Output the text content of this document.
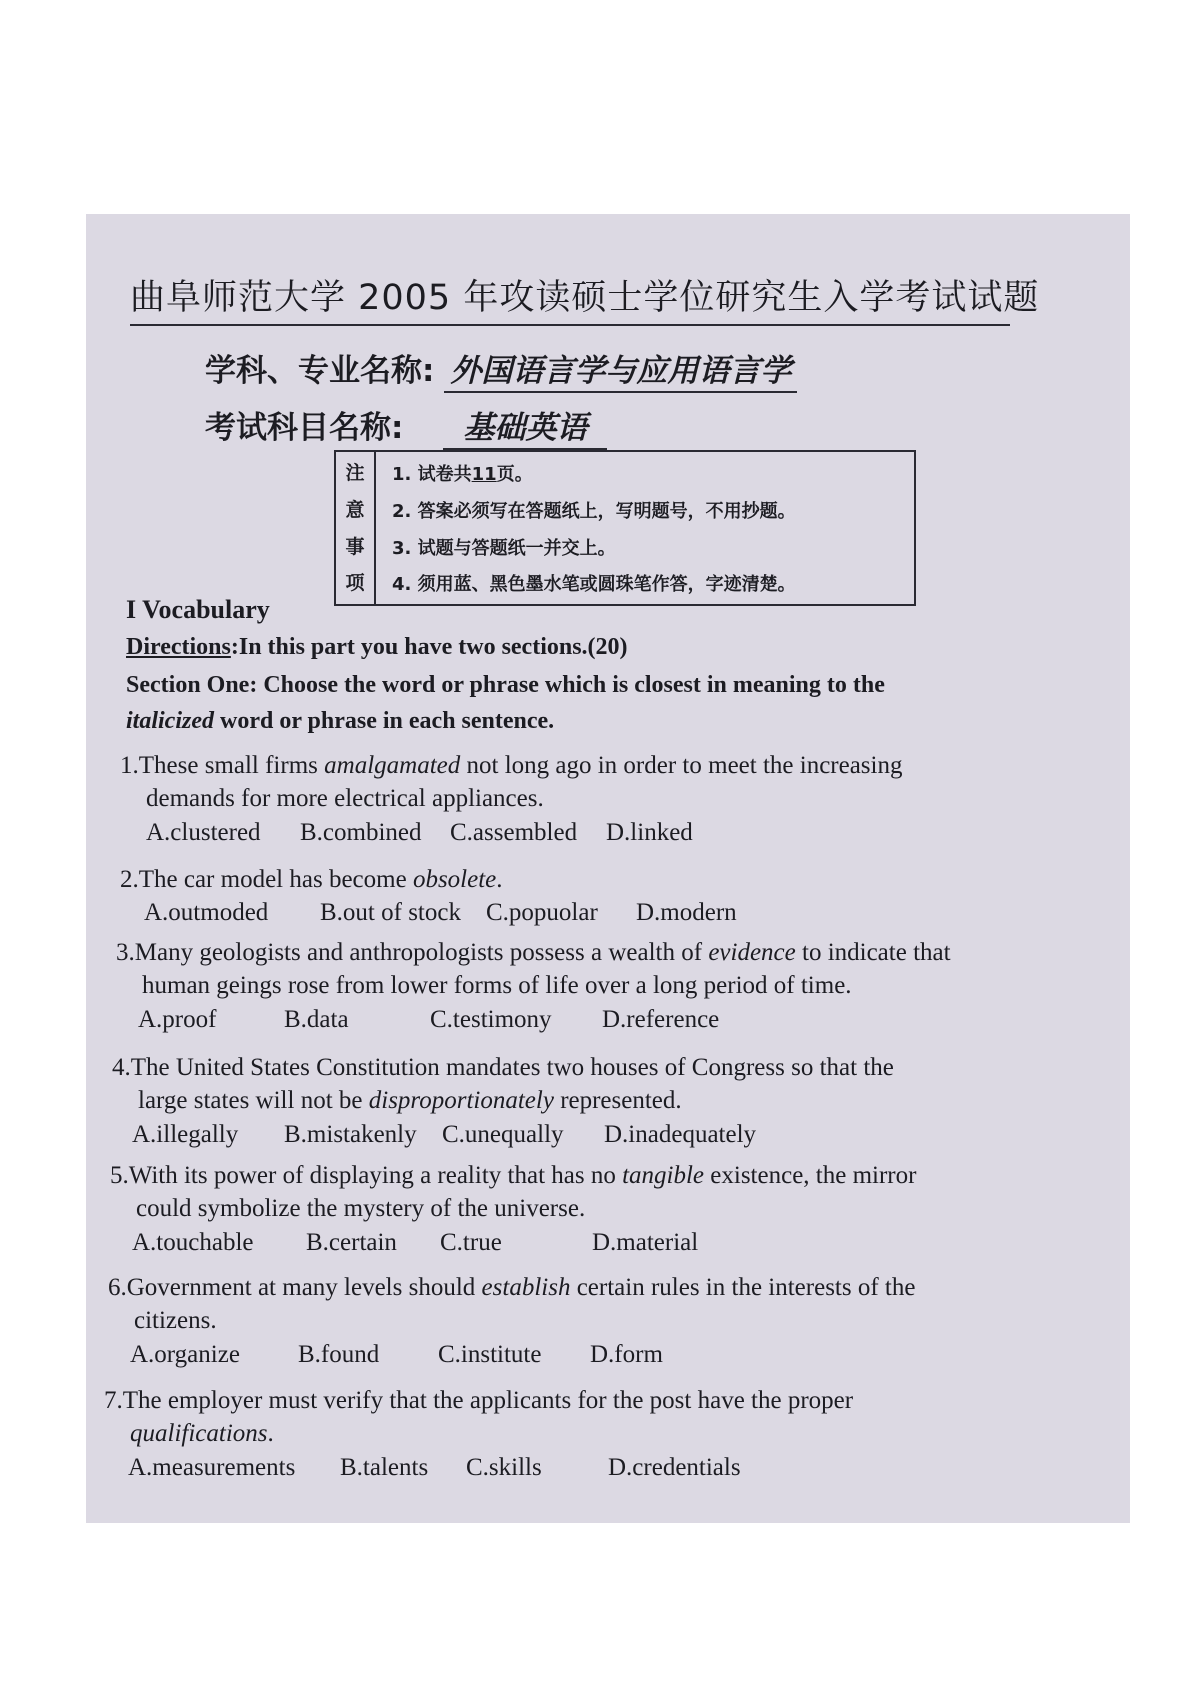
曲阜师范大学 2005 年攻读硕士学位研究生入学考试试题
学科、专业名称: 外国语言学与应用语言学
考试科目名称: 基础英语
注
意
事
项
1. 试卷共11页。
2. 答案必须写在答题纸上，写明题号，不用抄题。
3. 试题与答题纸一并交上。
4. 须用蓝、黑色墨水笔或圆珠笔作答，字迹清楚。
I Vocabulary
Directions:In this part you have two sections.(20)
Section One: Choose the word or phrase which is closest in meaning to the
italicized word or phrase in each sentence.
1.These small firms amalgamated not long ago in order to meet the increasing
demands for more electrical appliances.
A.clustered B.combined C.assembled D.linked
2.The car model has become obsolete.
A.outmoded B.out of stock C.popuolar D.modern
3.Many geologists and anthropologists possess a wealth of evidence to indicate that
human geings rose from lower forms of life over a long period of time.
A.proof	B.data	C.testimony D.reference
4.The United States Constitution mandates two houses of Congress so that the
large states will not be disproportionately represented.
A.illegally B.mistakenly C.unequally D.inadequately
5.With its power of displaying a reality that has no tangible existence, the mirror
could symbolize the mystery of the universe.
A.touchable B.certain C.true	D.material
6.Government at many levels should establish certain rules in the interests of the
citizens.
A.organize B.found C.institute D.form
7.The employer must verify that the applicants for the post have the proper
qualifications.
A.measurements B.talents C.skills	D.credentials
